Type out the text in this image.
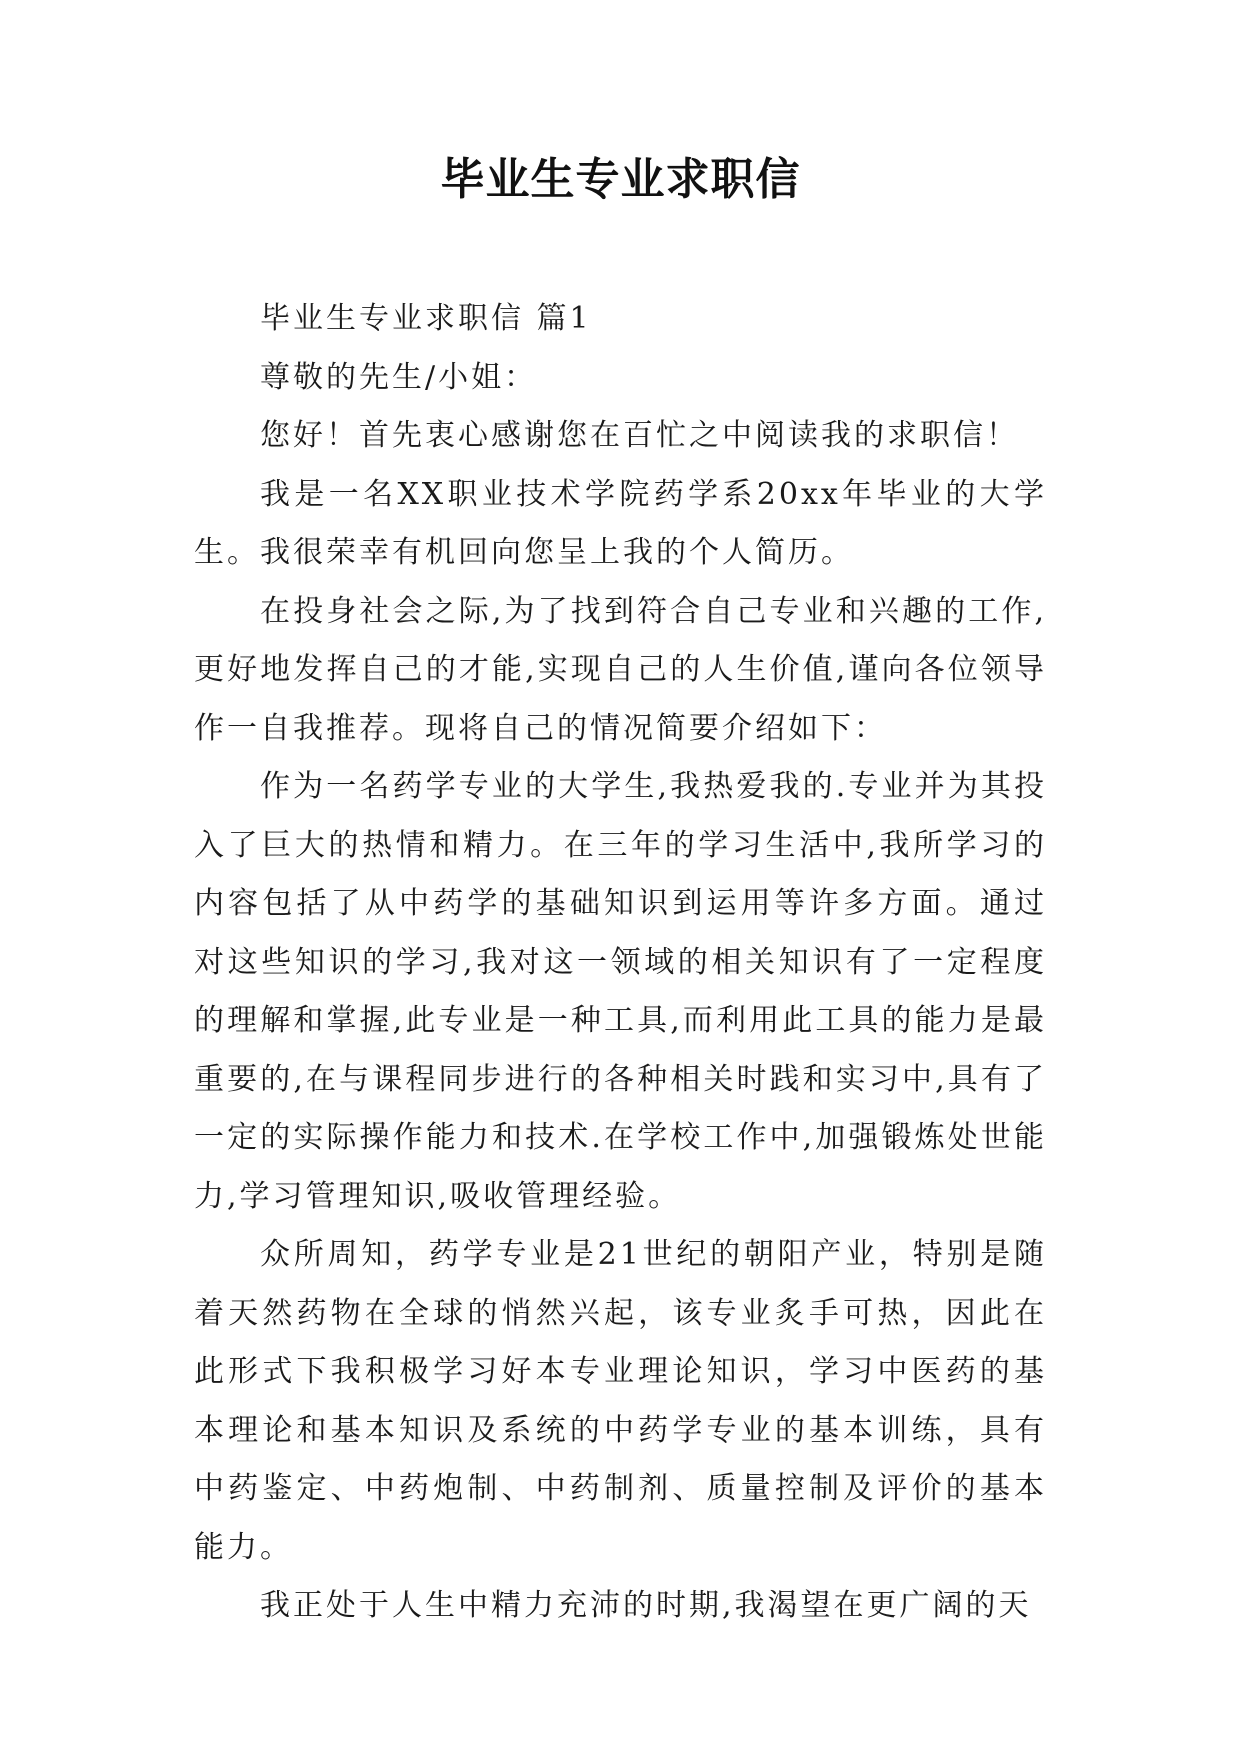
毕业生专业求职信

毕业生专业求职信 篇1

尊敬的先生/小姐：

您好！首先衷心感谢您在百忙之中阅读我的求职信！

我是一名XX职业技术学院药学系20xx年毕业的大学生。我很荣幸有机回向您呈上我的个人简历。

在投身社会之际,为了找到符合自己专业和兴趣的工作,更好地发挥自己的才能,实现自己的人生价值,谨向各位领导作一自我推荐。现将自己的情况简要介绍如下：

作为一名药学专业的大学生,我热爱我的.专业并为其投入了巨大的热情和精力。在三年的学习生活中,我所学习的内容包括了从中药学的基础知识到运用等许多方面。通过对这些知识的学习,我对这一领域的相关知识有了一定程度的理解和掌握,此专业是一种工具,而利用此工具的能力是最重要的,在与课程同步进行的各种相关时践和实习中,具有了一定的实际操作能力和技术.在学校工作中,加强锻炼处世能力,学习管理知识,吸收管理经验。

众所周知，药学专业是21世纪的朝阳产业，特别是随着天然药物在全球的悄然兴起，该专业炙手可热，因此在此形式下我积极学习好本专业理论知识，学习中医药的基本理论和基本知识及系统的中药学专业的基本训练，具有中药鉴定、中药炮制、中药制剂、质量控制及评价的基本能力。

我正处于人生中精力充沛的时期,我渴望在更广阔的天
